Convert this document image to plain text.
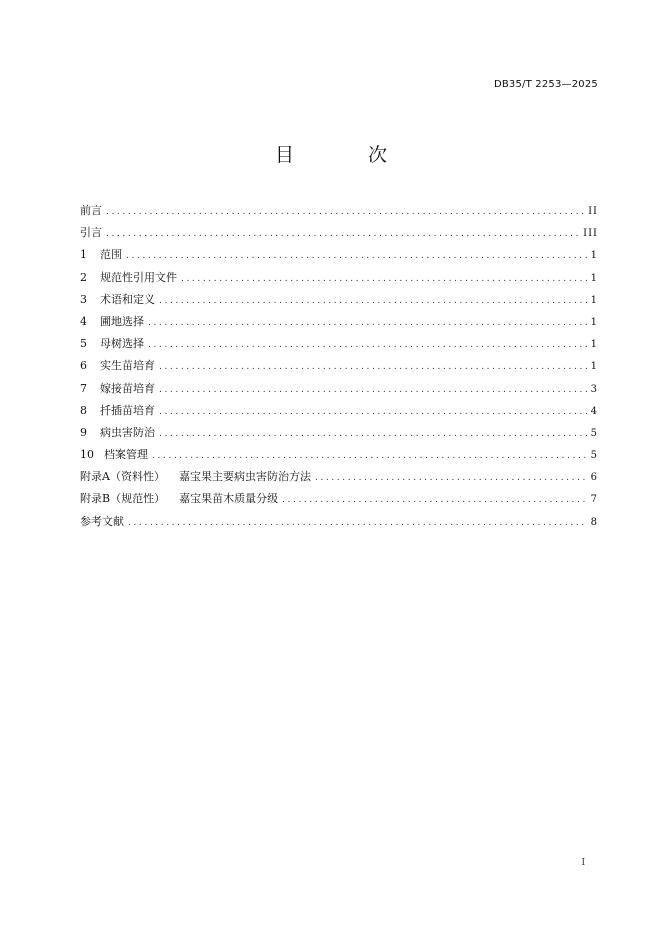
DB35/T 2253—2025
目 次
前言 .....	II
引言 .....	III
1	范围 .....	1
2	规范性引用文件 .....	1
3	术语和定义 .....	1
4	圃地选择 .....	1
5	母树选择 .....	1
6	实生苗培育 .....	1
7	嫁接苗培育 .....	3
8	扦插苗培育 .....	4
9	病虫害防治 .....	5
10 档案管理 .....	5
附录A（资料性） 嘉宝果主要病虫害防治方法 .....	6
附录B（规范性） 嘉宝果苗木质量分级 .....	7
参考文献 .....	8
I
